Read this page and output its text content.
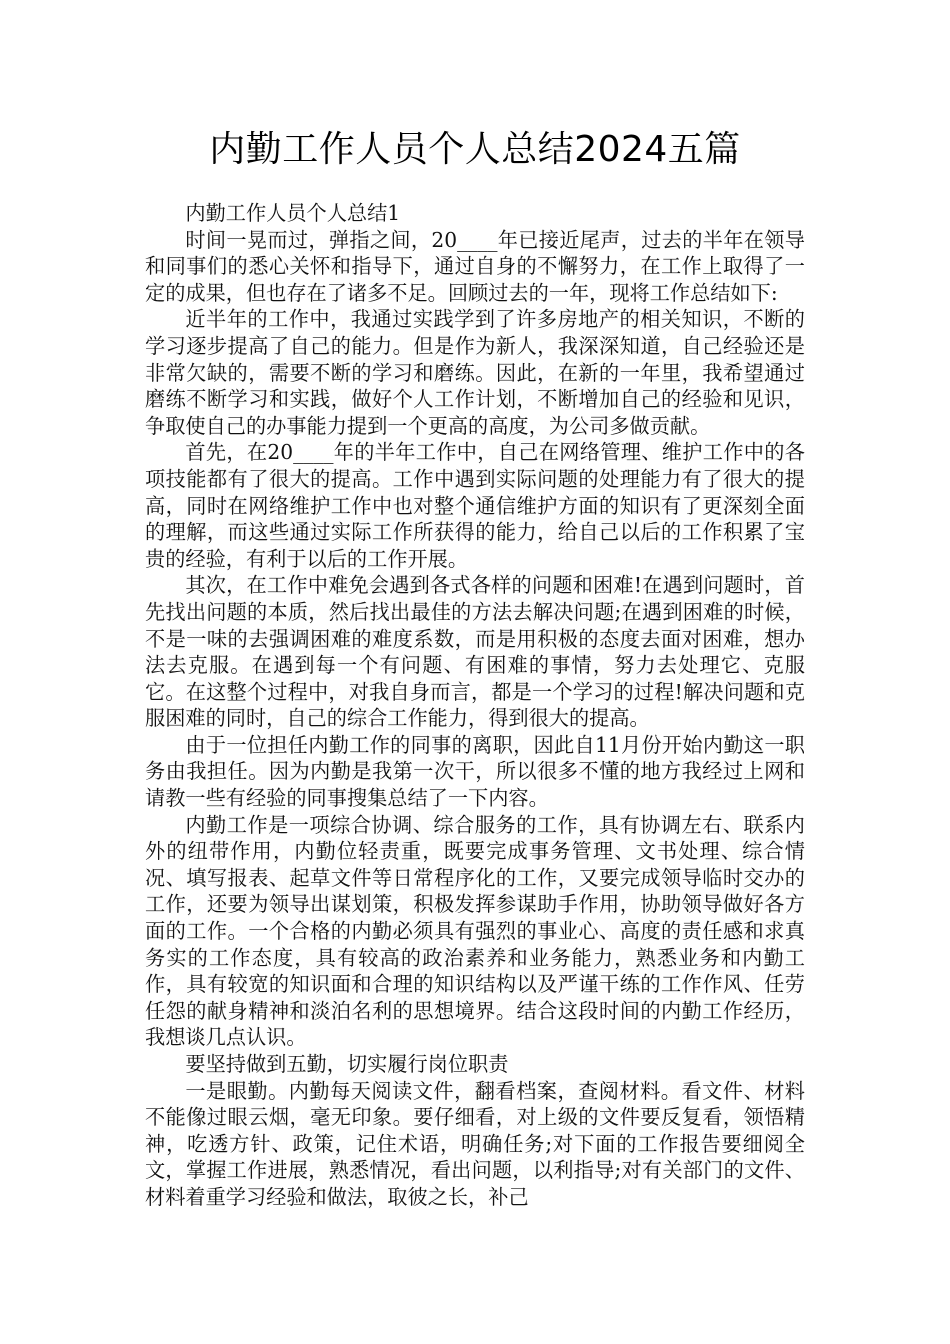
内勤工作人员个人总结2024五篇

内勤工作人员个人总结1

时间一晃而过，弹指之间，20____年已接近尾声，过去的半年在领导和同事们的悉心关怀和指导下，通过自身的不懈努力，在工作上取得了一定的成果，但也存在了诸多不足。回顾过去的一年，现将工作总结如下:

近半年的工作中，我通过实践学到了许多房地产的相关知识，不断的学习逐步提高了自己的能力。但是作为新人，我深深知道，自己经验还是非常欠缺的，需要不断的学习和磨练。因此，在新的一年里，我希望通过磨练不断学习和实践，做好个人工作计划，不断增加自己的经验和见识，争取使自己的办事能力提到一个更高的高度，为公司多做贡献。

首先，在20____年的半年工作中，自己在网络管理、维护工作中的各项技能都有了很大的提高。工作中遇到实际问题的处理能力有了很大的提高，同时在网络维护工作中也对整个通信维护方面的知识有了更深刻全面的理解，而这些通过实际工作所获得的能力，给自己以后的工作积累了宝贵的经验，有利于以后的工作开展。

其次，在工作中难免会遇到各式各样的问题和困难!在遇到问题时，首先找出问题的本质，然后找出最佳的方法去解决问题;在遇到困难的时候，不是一味的去强调困难的难度系数，而是用积极的态度去面对困难，想办法去克服。在遇到每一个有问题、有困难的事情，努力去处理它、克服它。在这整个过程中，对我自身而言，都是一个学习的过程!解决问题和克服困难的同时，自己的综合工作能力，得到很大的提高。

由于一位担任内勤工作的同事的离职，因此自11月份开始内勤这一职务由我担任。因为内勤是我第一次干，所以很多不懂的地方我经过上网和请教一些有经验的同事搜集总结了一下内容。

内勤工作是一项综合协调、综合服务的工作，具有协调左右、联系内外的纽带作用，内勤位轻责重，既要完成事务管理、文书处理、综合情况、填写报表、起草文件等日常程序化的工作，又要完成领导临时交办的工作，还要为领导出谋划策，积极发挥参谋助手作用，协助领导做好各方面的工作。一个合格的内勤必须具有强烈的事业心、高度的责任感和求真务实的工作态度，具有较高的政治素养和业务能力，熟悉业务和内勤工作，具有较宽的知识面和合理的知识结构以及严谨干练的工作作风、任劳任怨的献身精神和淡泊名利的思想境界。结合这段时间的内勤工作经历，我想谈几点认识。

要坚持做到五勤，切实履行岗位职责

一是眼勤。内勤每天阅读文件，翻看档案，查阅材料。看文件、材料不能像过眼云烟，毫无印象。要仔细看，对上级的文件要反复看，领悟精神，吃透方针、政策，记住术语，明确任务;对下面的工作报告要细阅全文，掌握工作进展，熟悉情况，看出问题，以利指导;对有关部门的文件、材料着重学习经验和做法，取彼之长，补己
